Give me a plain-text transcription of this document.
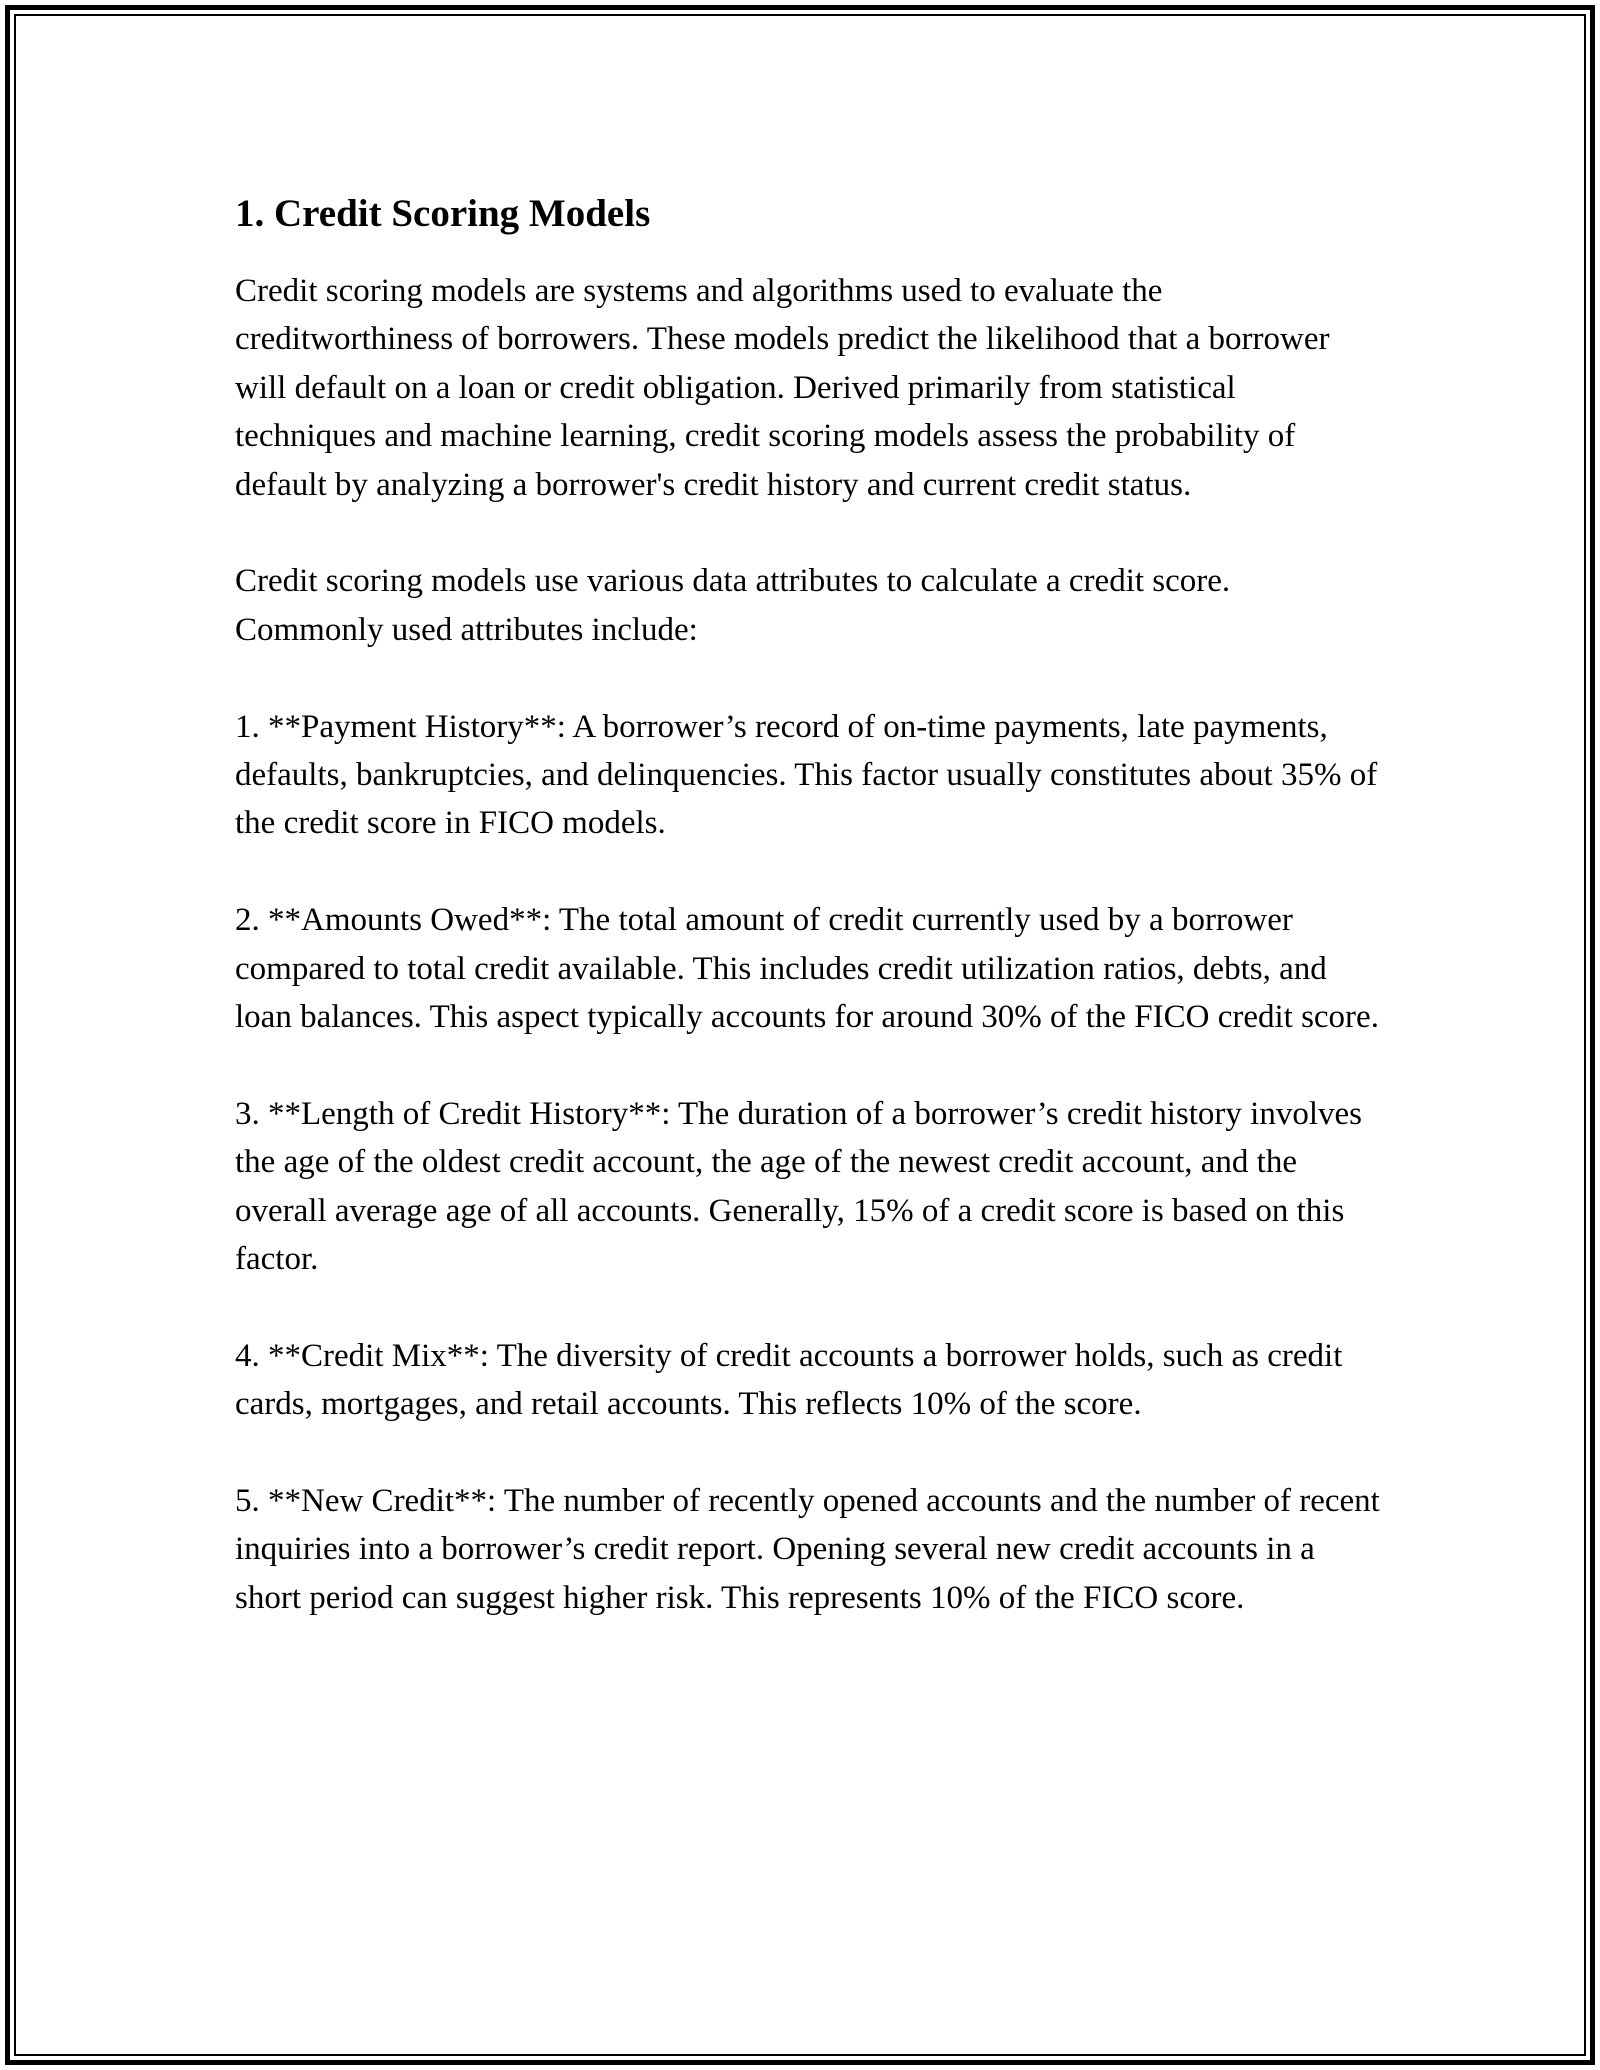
1. Credit Scoring Models

Credit scoring models are systems and algorithms used to evaluate the creditworthiness of borrowers. These models predict the likelihood that a borrower will default on a loan or credit obligation. Derived primarily from statistical techniques and machine learning, credit scoring models assess the probability of default by analyzing a borrower's credit history and current credit status.

Credit scoring models use various data attributes to calculate a credit score. Commonly used attributes include:

1. **Payment History**: A borrower’s record of on-time payments, late payments, defaults, bankruptcies, and delinquencies. This factor usually constitutes about 35% of the credit score in FICO models.

2. **Amounts Owed**: The total amount of credit currently used by a borrower compared to total credit available. This includes credit utilization ratios, debts, and loan balances. This aspect typically accounts for around 30% of the FICO credit score.

3. **Length of Credit History**: The duration of a borrower’s credit history involves the age of the oldest credit account, the age of the newest credit account, and the overall average age of all accounts. Generally, 15% of a credit score is based on this factor.

4. **Credit Mix**: The diversity of credit accounts a borrower holds, such as credit cards, mortgages, and retail accounts. This reflects 10% of the score.

5. **New Credit**: The number of recently opened accounts and the number of recent inquiries into a borrower’s credit report. Opening several new credit accounts in a short period can suggest higher risk. This represents 10% of the FICO score.
